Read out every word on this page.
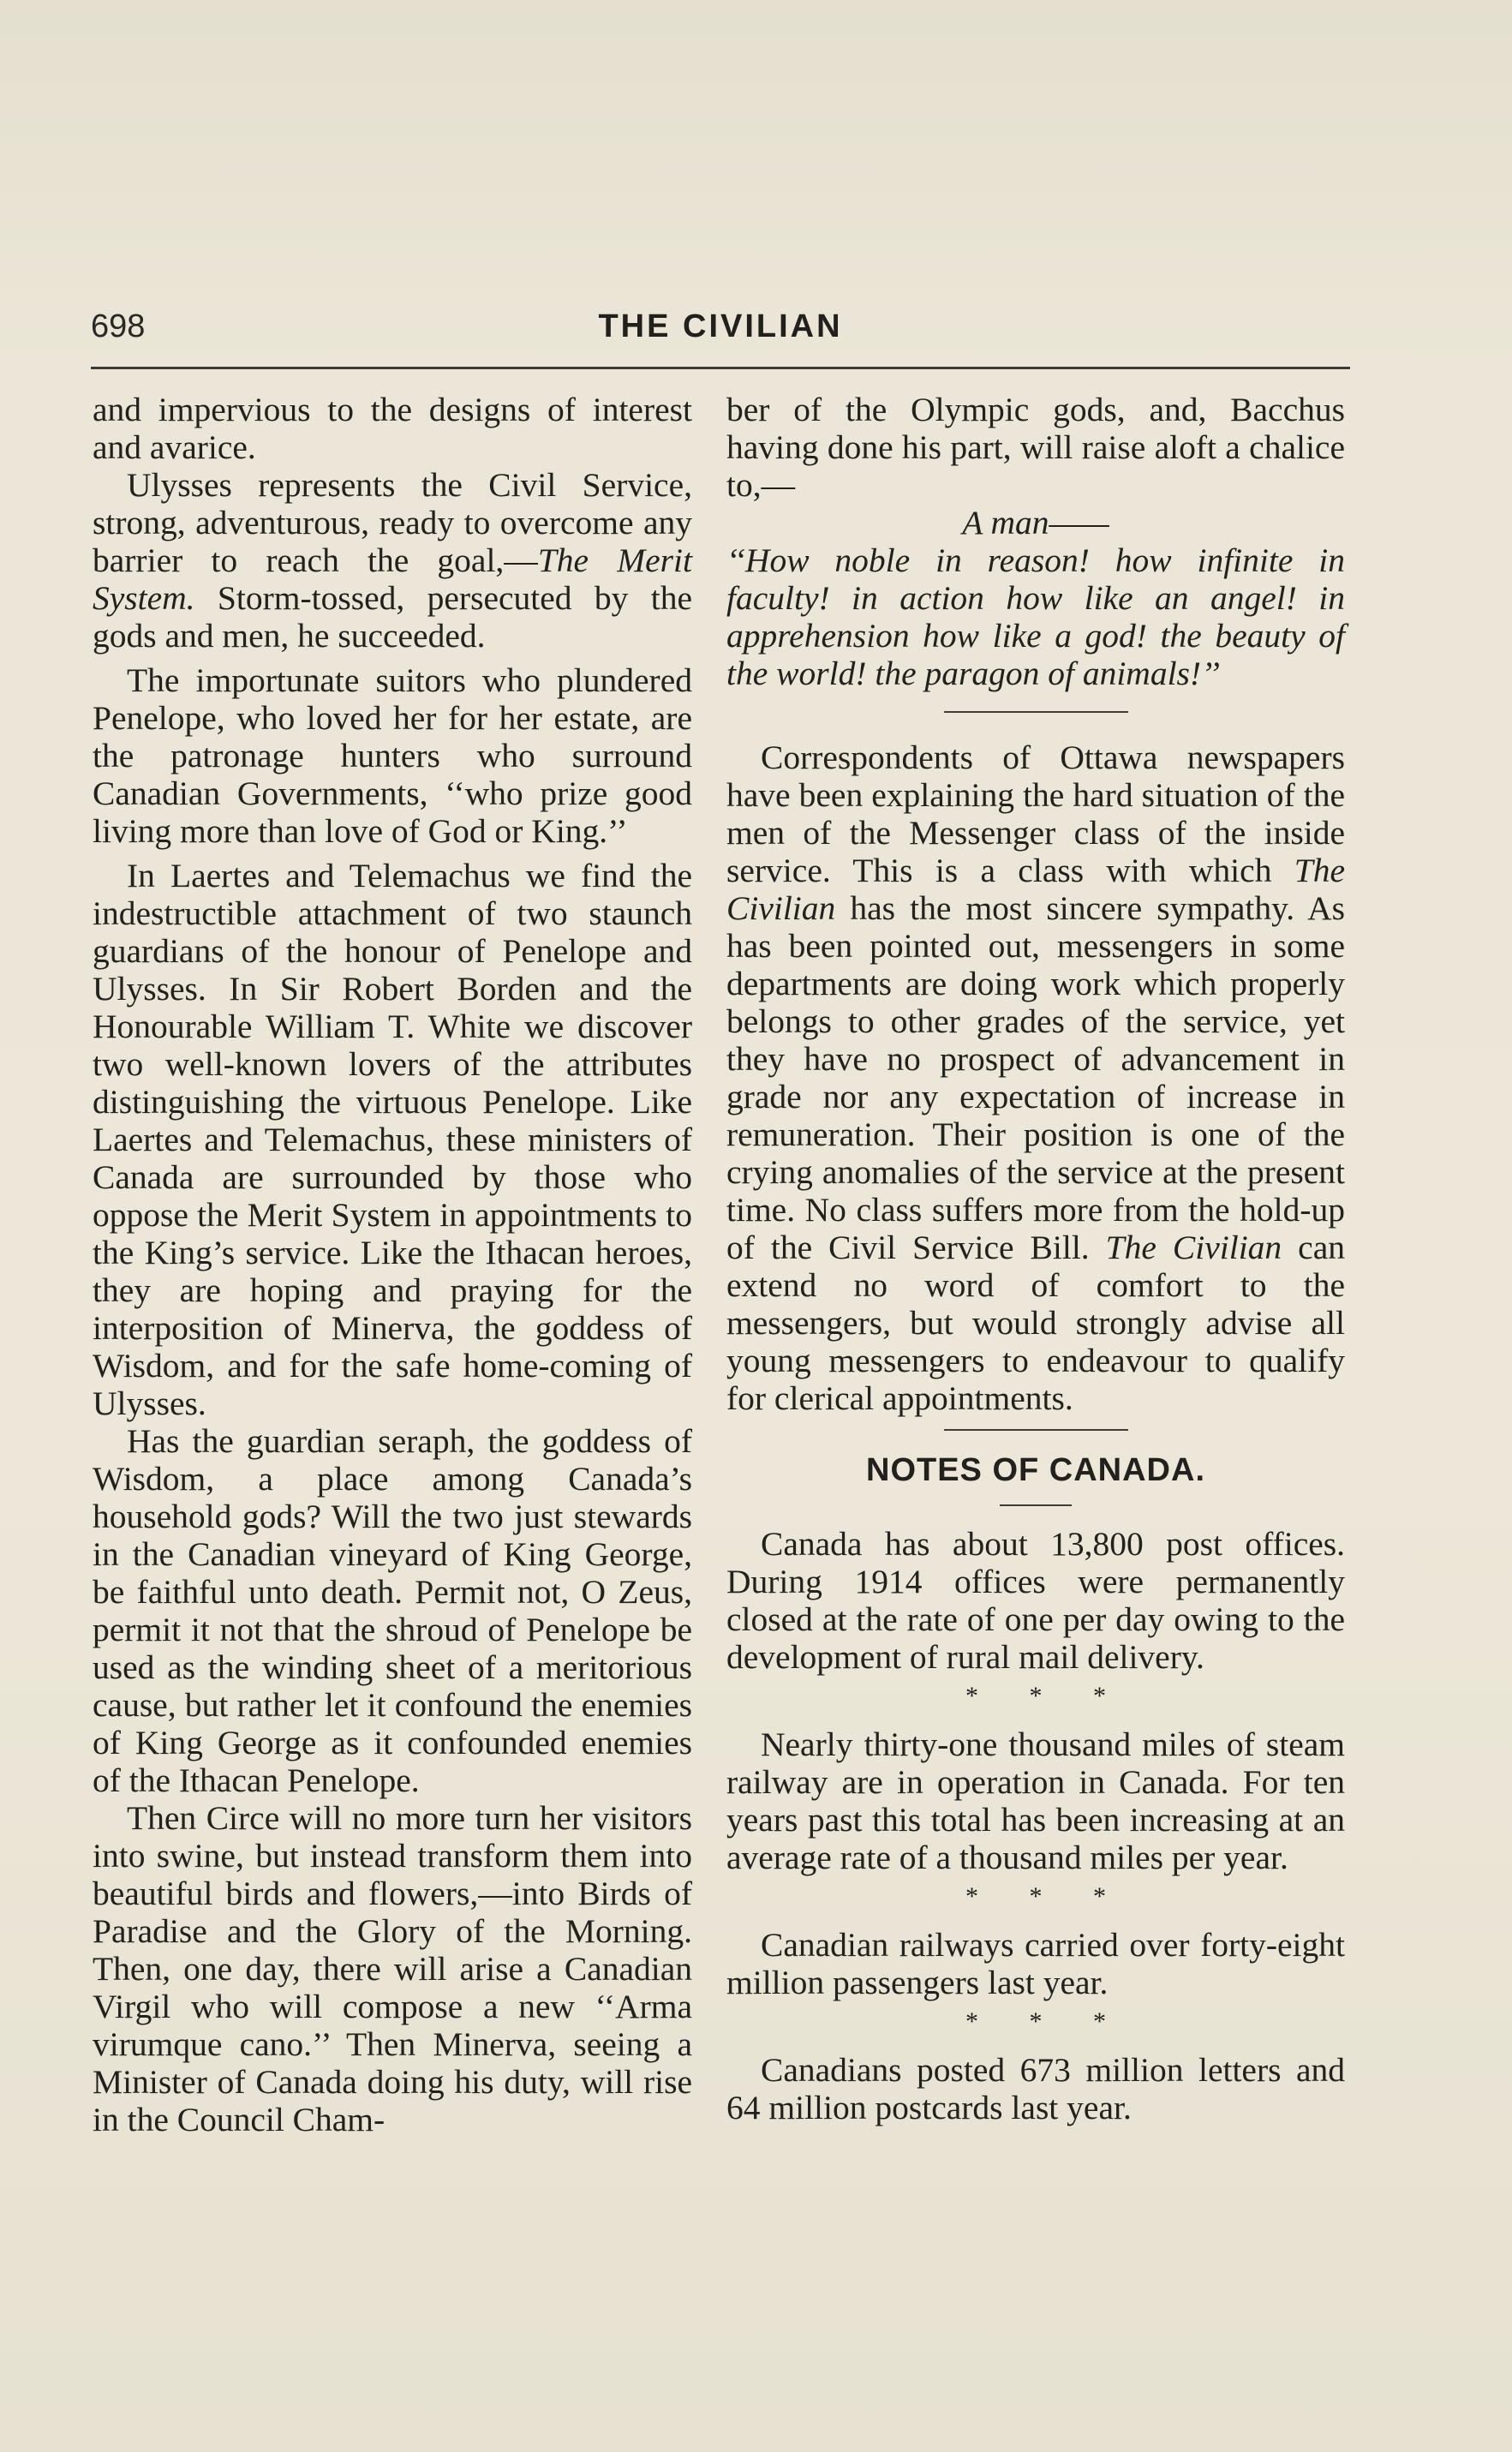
698	THE CIVILIAN

and impervious to the designs of interest and avarice.

Ulysses represents the Civil Service, strong, adventurous, ready to overcome any barrier to reach the goal,—The Merit System. Storm-tossed, persecuted by the gods and men, he succeeded.

The importunate suitors who plundered Penelope, who loved her for her estate, are the patronage hunters who surround Canadian Governments, ‘‘who prize good living more than love of God or King.’’

In Laertes and Telemachus we find the indestructible attachment of two staunch guardians of the honour of Penelope and Ulysses. In Sir Robert Borden and the Honourable William T. White we discover two well-known lovers of the attributes distinguishing the virtuous Penelope. Like Laertes and Telemachus, these ministers of Canada are surrounded by those who oppose the Merit System in appointments to the King’s service. Like the Ithacan heroes, they are hoping and praying for the interposition of Minerva, the goddess of Wisdom, and for the safe home-coming of Ulysses.

Has the guardian seraph, the goddess of Wisdom, a place among Canada’s household gods? Will the two just stewards in the Canadian vineyard of King George, be faithful unto death. Permit not, O Zeus, permit it not that the shroud of Penelope be used as the winding sheet of a meritorious cause, but rather let it confound the enemies of King George as it confounded enemies of the Ithacan Penelope.

Then Circe will no more turn her visitors into swine, but instead transform them into beautiful birds and flowers,—into Birds of Paradise and the Glory of the Morning. Then, one day, there will arise a Canadian Virgil who will compose a new ‘‘Arma virumque cano.’’ Then Minerva, seeing a Minister of Canada doing his duty, will rise in the Council Cham-

ber of the Olympic gods, and, Bacchus having done his part, will raise aloft a chalice to,—

A man——

‘‘How noble in reason! how infinite in faculty! in action how like an angel! in apprehension how like a god! the beauty of the world! the paragon of animals!’’

Correspondents of Ottawa newspapers have been explaining the hard situation of the men of the Messenger class of the inside service. This is a class with which The Civilian has the most sincere sympathy. As has been pointed out, messengers in some departments are doing work which properly belongs to other grades of the service, yet they have no prospect of advancement in grade nor any expectation of increase in remuneration. Their position is one of the crying anomalies of the service at the present time. No class suffers more from the hold-up of the Civil Service Bill. The Civilian can extend no word of comfort to the messengers, but would strongly advise all young messengers to endeavour to qualify for clerical appointments.

NOTES OF CANADA.

Canada has about 13,800 post offices. During 1914 offices were permanently closed at the rate of one per day owing to the development of rural mail delivery.

* * *

Nearly thirty-one thousand miles of steam railway are in operation in Canada. For ten years past this total has been increasing at an average rate of a thousand miles per year.

* * *

Canadian railways carried over forty-eight million passengers last year.

* * *

Canadians posted 673 million letters and 64 million postcards last year.
